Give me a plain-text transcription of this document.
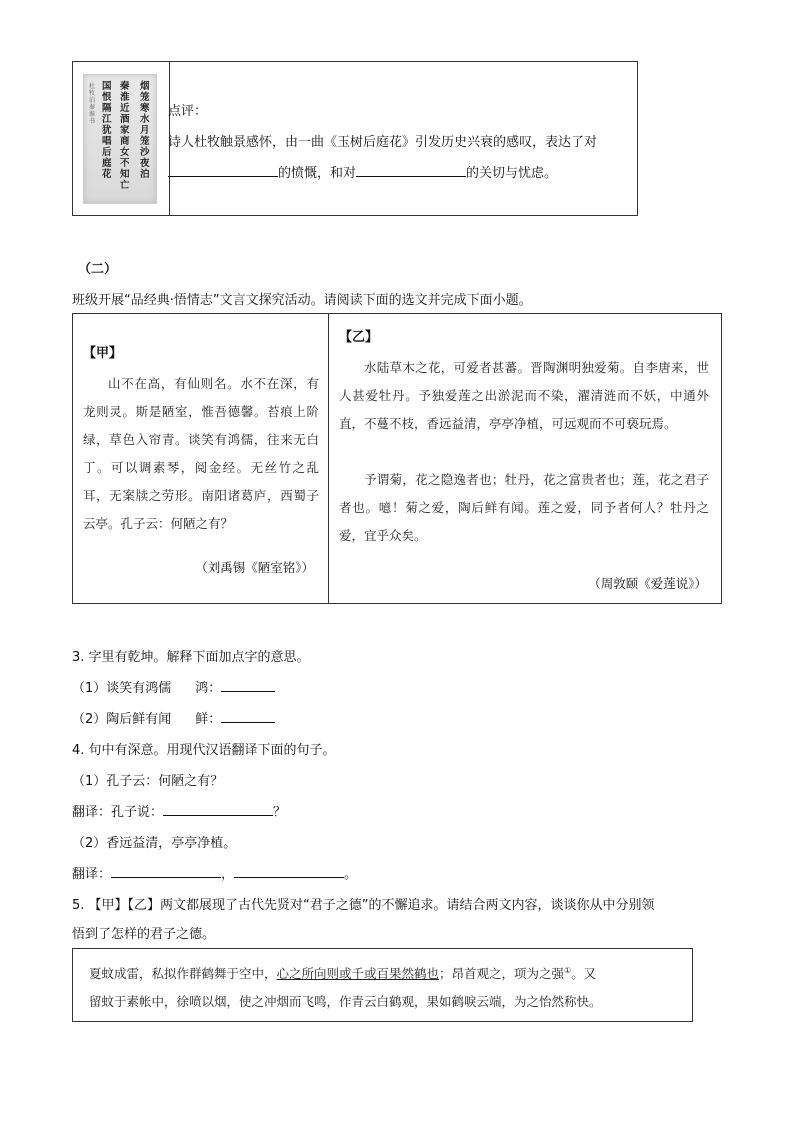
烟笼寒水月笼沙夜泊
秦淮近酒家商女不知亡
国恨隔江犹唱后庭花
杜牧泊秦淮书
点评：
诗人杜牧触景感怀，由一曲《玉树后庭花》引发历史兴衰的感叹，表达了对
的愤慨，和对	的关切与忧虑。
（二）
班级开展“品经典·悟情志”文言文探究活动。请阅读下面的选文并完成下面小题。
【甲】
山不在高，有仙则名。水不在深，有龙则灵。斯是陋室，惟吾德馨。苔痕上阶绿，草色入帘青。谈笑有鸿儒，往来无白丁。可以调素琴，阅金经。无丝竹之乱耳，无案牍之劳形。南阳诸葛庐，西蜀子云亭。孔子云：何陋之有？
（刘禹锡《陋室铭》）
【乙】
水陆草木之花，可爱者甚蕃。晋陶渊明独爱菊。自李唐来，世人甚爱牡丹。予独爱莲之出淤泥而不染，濯清涟而不妖，中通外直，不蔓不枝，香远益清，亭亭净植，可远观而不可亵玩焉。
予谓菊，花之隐逸者也；牡丹，花之富贵者也；莲，花之君子者也。噫！菊之爱，陶后鲜有闻。莲之爱，同予者何人？牡丹之爱，宜乎众矣。
（周敦颐《爱莲说》）
3. 字里有乾坤。解释下面加点字的意思。
（1）谈笑有鸿儒 鸿：
（2）陶后鲜有闻 鲜：
4. 句中有深意。用现代汉语翻译下面的句子。
（1）孔子云：何陋之有？
翻译：孔子说：	？
（2）香远益清，亭亭净植。
翻译：	，	。
5. 【甲】【乙】两文都展现了古代先贤对“君子之德”的不懈追求。请结合两文内容，谈谈你从中分别领
悟到了怎样的君子之德。
夏蚊成雷，私拟作群鹤舞于空中，心之所向则或千或百果然鹤也；昂首观之，项为之强①。又
留蚊于素帐中，徐喷以烟，使之冲烟而飞鸣，作青云白鹤观，果如鹤唳云端，为之怡然称快。
